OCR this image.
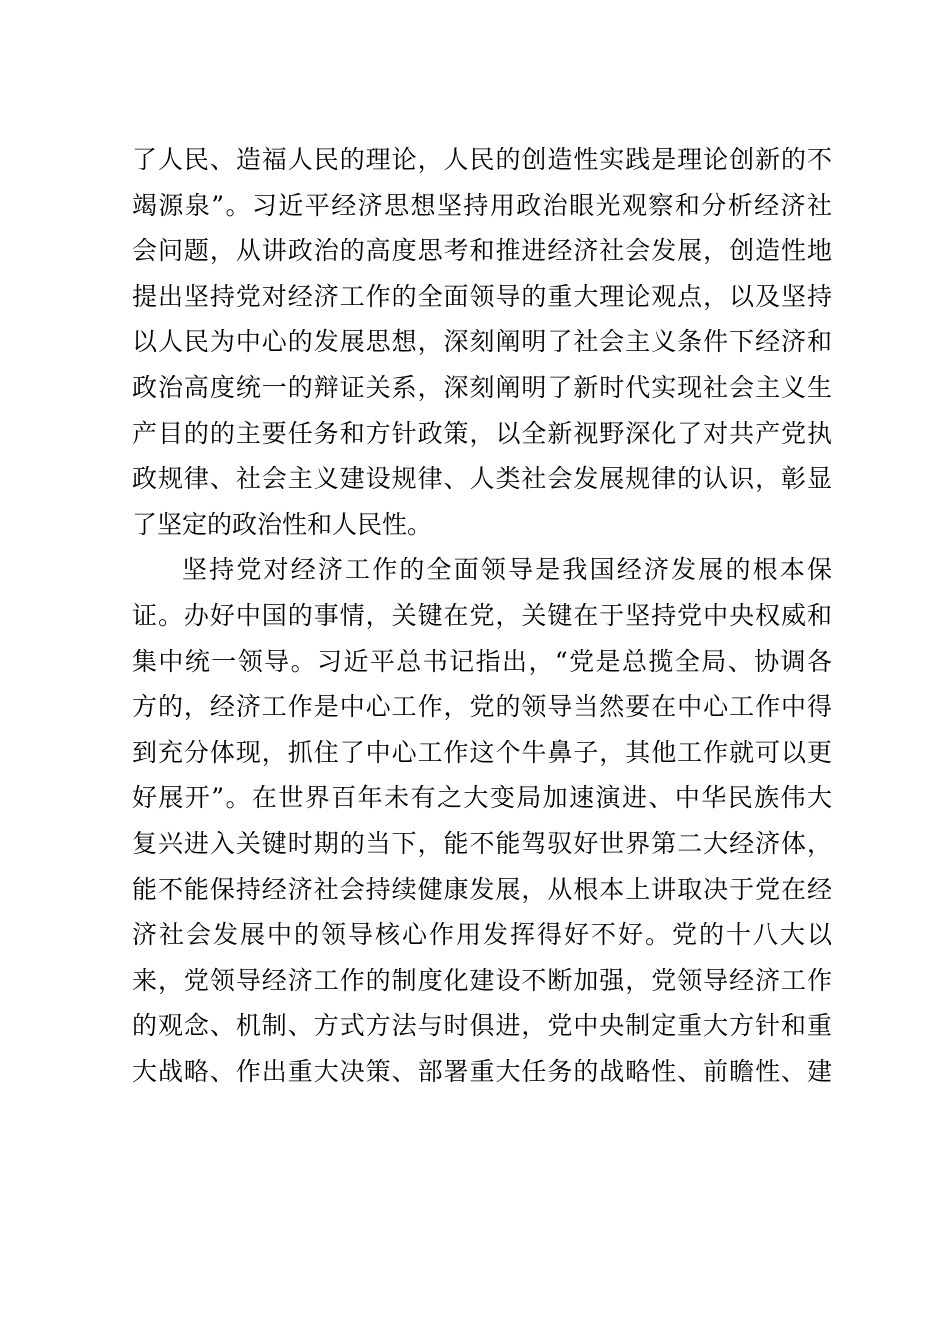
了人民、造福人民的理论，人民的创造性实践是理论创新的不
竭源泉”。习近平经济思想坚持用政治眼光观察和分析经济社
会问题，从讲政治的高度思考和推进经济社会发展，创造性地
提出坚持党对经济工作的全面领导的重大理论观点，以及坚持
以人民为中心的发展思想，深刻阐明了社会主义条件下经济和
政治高度统一的辩证关系，深刻阐明了新时代实现社会主义生
产目的的主要任务和方针政策，以全新视野深化了对共产党执
政规律、社会主义建设规律、人类社会发展规律的认识，彰显
了坚定的政治性和人民性。
坚持党对经济工作的全面领导是我国经济发展的根本保
证。办好中国的事情，关键在党，关键在于坚持党中央权威和
集中统一领导。习近平总书记指出，“党是总揽全局、协调各
方的，经济工作是中心工作，党的领导当然要在中心工作中得
到充分体现，抓住了中心工作这个牛鼻子，其他工作就可以更
好展开”。在世界百年未有之大变局加速演进、中华民族伟大
复兴进入关键时期的当下，能不能驾驭好世界第二大经济体，
能不能保持经济社会持续健康发展，从根本上讲取决于党在经
济社会发展中的领导核心作用发挥得好不好。党的十八大以
来，党领导经济工作的制度化建设不断加强，党领导经济工作
的观念、机制、方式方法与时俱进，党中央制定重大方针和重
大战略、作出重大决策、部署重大任务的战略性、前瞻性、建
